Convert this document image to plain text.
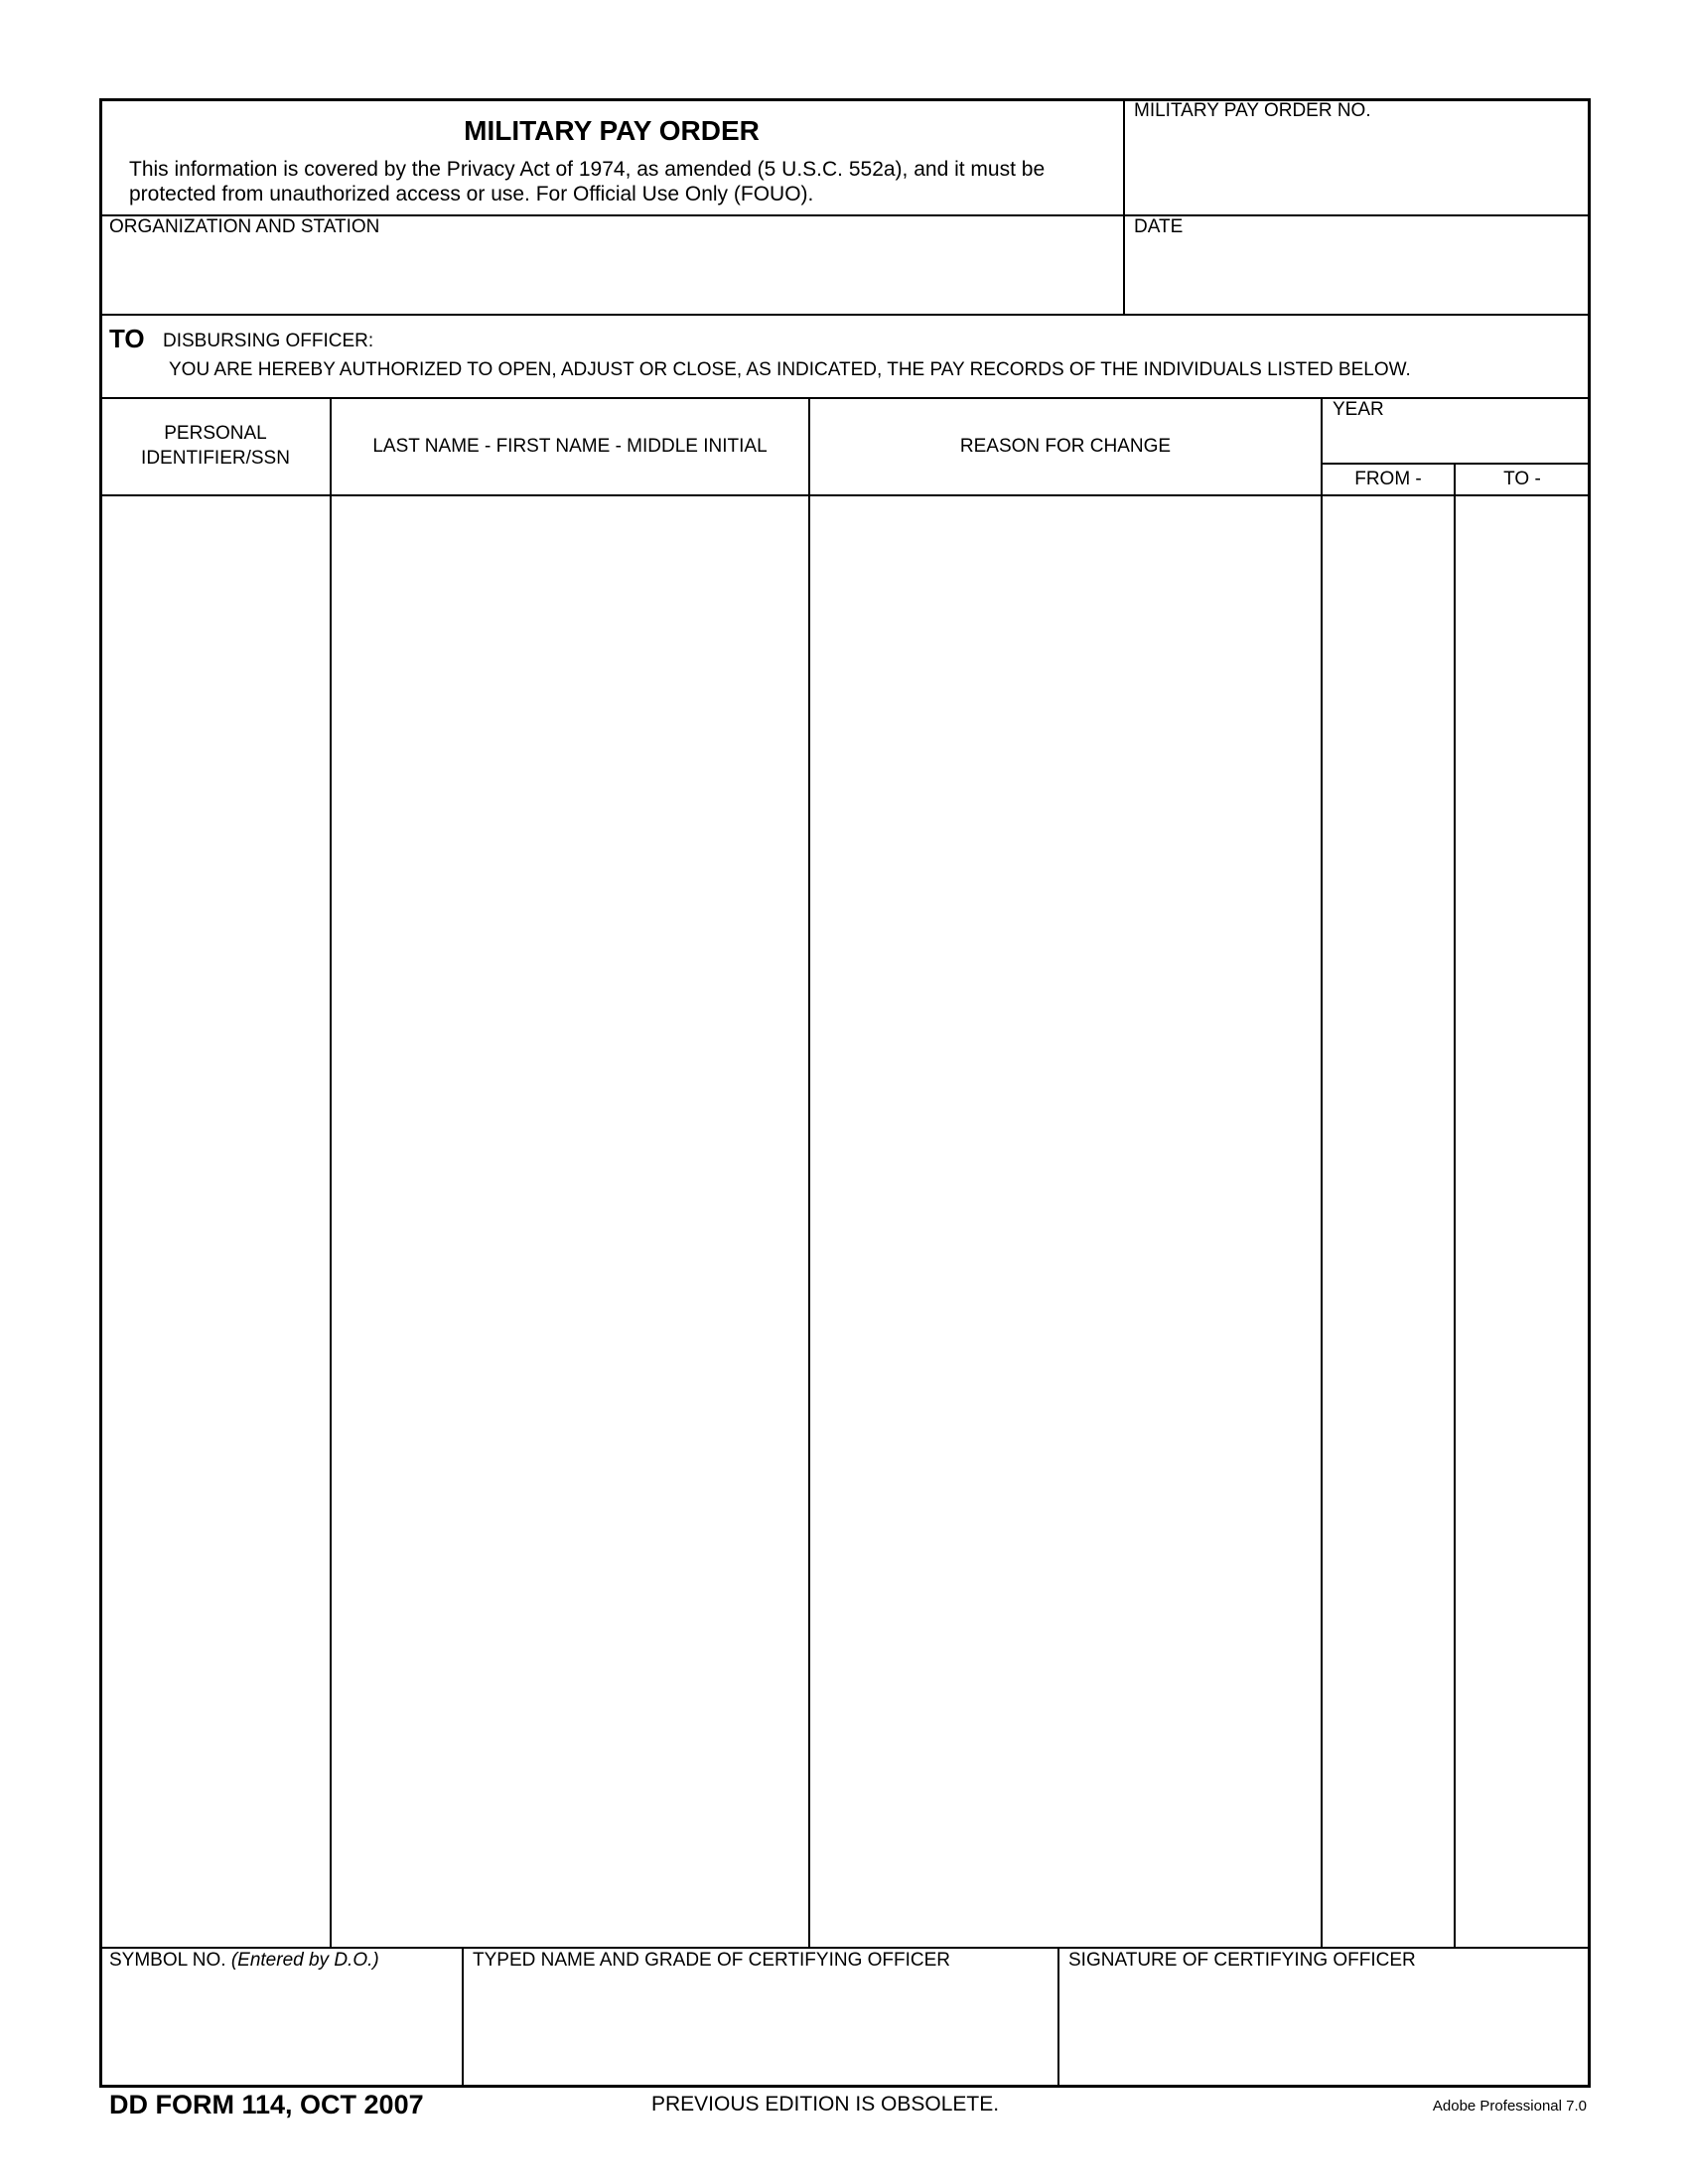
MILITARY PAY ORDER
This information is covered by the Privacy Act of 1974, as amended (5 U.S.C. 552a), and it must be protected from unauthorized access or use. For Official Use Only (FOUO).
MILITARY PAY ORDER NO.
ORGANIZATION AND STATION	DATE
TO DISBURSING OFFICER:
YOU ARE HEREBY AUTHORIZED TO OPEN, ADJUST OR CLOSE, AS INDICATED, THE PAY RECORDS OF THE INDIVIDUALS LISTED BELOW.
PERSONAL
IDENTIFIER/SSN
LAST NAME - FIRST NAME - MIDDLE INITIAL	REASON FOR CHANGE
YEAR
FROM -	TO -
SYMBOL NO. (Entered by D.O.)	TYPED NAME AND GRADE OF CERTIFYING OFFICER	SIGNATURE OF CERTIFYING OFFICER
DD FORM 114, OCT 2007	PREVIOUS EDITION IS OBSOLETE.	Adobe Professional 7.0
